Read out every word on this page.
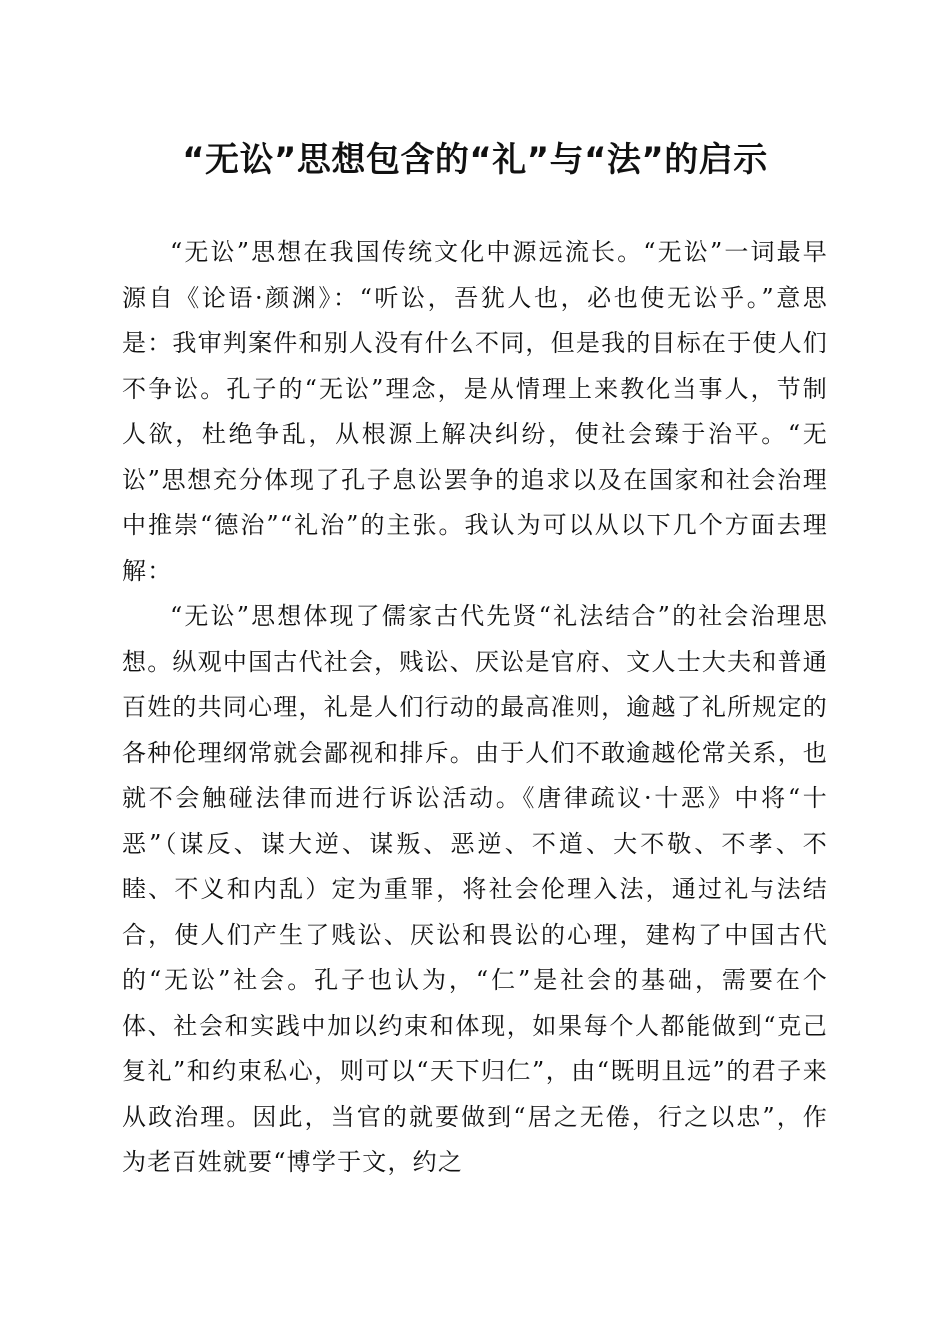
“无讼”思想包含的“礼”与“法”的启示

“无讼”思想在我国传统文化中源远流长。“无讼”一词最早源自《论语·颜渊》：“听讼，吾犹人也，必也使无讼乎。”意思是：我审判案件和别人没有什么不同，但是我的目标在于使人们不争讼。孔子的“无讼”理念，是从情理上来教化当事人，节制人欲，杜绝争乱，从根源上解决纠纷，使社会臻于治平。“无讼”思想充分体现了孔子息讼罢争的追求以及在国家和社会治理中推崇“德治”“礼治”的主张。我认为可以从以下几个方面去理解：

“无讼”思想体现了儒家古代先贤“礼法结合”的社会治理思想。纵观中国古代社会，贱讼、厌讼是官府、文人士大夫和普通百姓的共同心理，礼是人们行动的最高准则，逾越了礼所规定的各种伦理纲常就会鄙视和排斥。由于人们不敢逾越伦常关系，也就不会触碰法律而进行诉讼活动。《唐律疏议·十恶》中将“十恶”（谋反、谋大逆、谋叛、恶逆、不道、大不敬、不孝、不睦、不义和内乱）定为重罪，将社会伦理入法，通过礼与法结合，使人们产生了贱讼、厌讼和畏讼的心理，建构了中国古代的“无讼”社会。孔子也认为，“仁”是社会的基础，需要在个体、社会和实践中加以约束和体现，如果每个人都能做到“克己复礼”和约束私心，则可以“天下归仁”，由“既明且远”的君子来从政治理。因此，当官的就要做到“居之无倦，行之以忠”，作为老百姓就要“博学于文，约之
